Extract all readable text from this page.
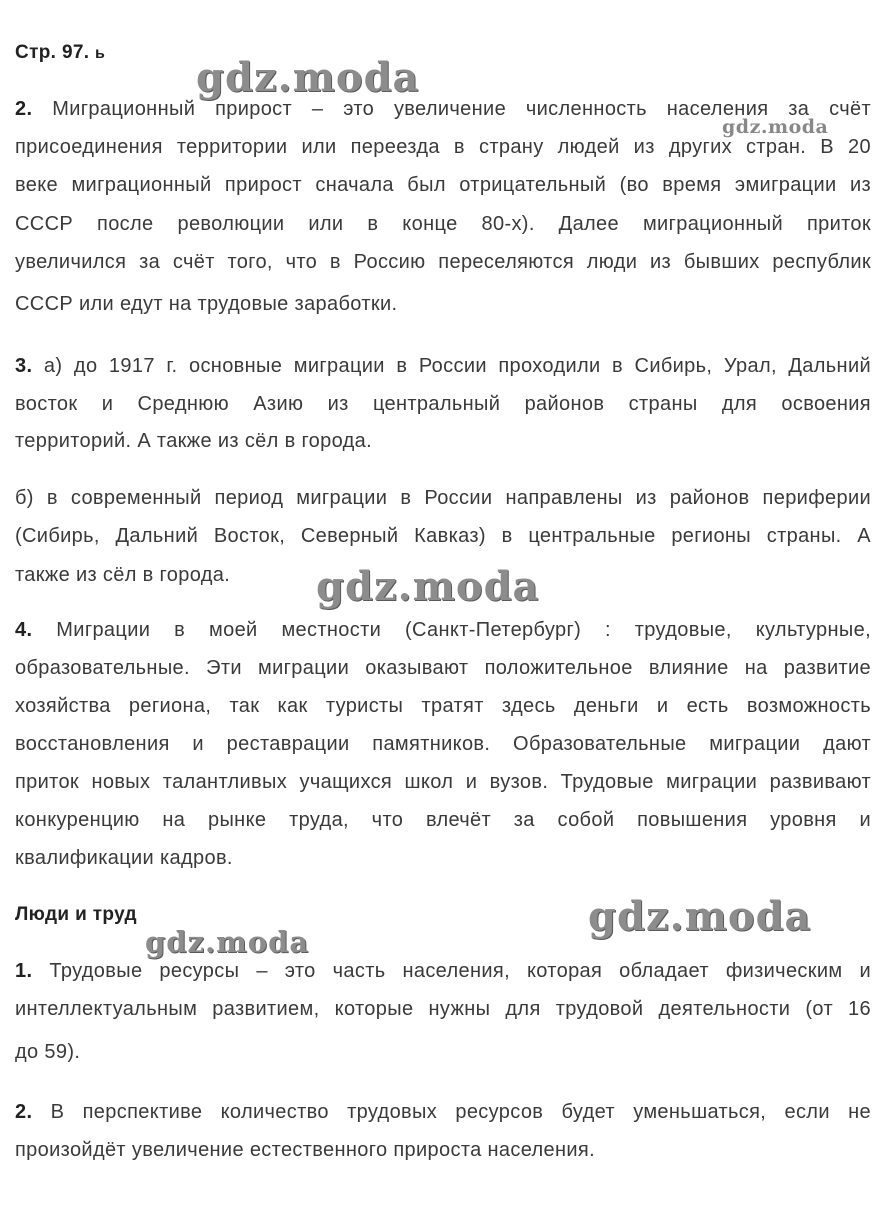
Стр. 97. ь
gdz.moda
gdz.moda
gdz.moda
gdz.moda
gdz.moda
2. Миграционный прирост – это увеличение численность населения за счёт
присоединения территории или переезда в страну людей из других стран. В 20
веке миграционный прирост сначала был отрицательный (во время эмиграции из
СССР после революции или в конце 80-х). Далее миграционный приток
увеличился за счёт того, что в Россию переселяются люди из бывших республик
СССР или едут на трудовые заработки.
3. а) до 1917 г. основные миграции в России проходили в Сибирь, Урал, Дальний
восток и Среднюю Азию из центральный районов страны для освоения
территорий. А также из сёл в города.
б) в современный период миграции в России направлены из районов периферии
(Сибирь, Дальний Восток, Северный Кавказ) в центральные регионы страны. А
также из сёл в города.
4. Миграции в моей местности (Санкт-Петербург) : трудовые, культурные,
образовательные. Эти миграции оказывают положительное влияние на развитие
хозяйства региона, так как туристы тратят здесь деньги и есть возможность
восстановления и реставрации памятников. Образовательные миграции дают
приток новых талантливых учащихся школ и вузов. Трудовые миграции развивают
конкуренцию на рынке труда, что влечёт за собой повышения уровня и
квалификации кадров.
Люди и труд
1. Трудовые ресурсы – это часть населения, которая обладает физическим и
интеллектуальным развитием, которые нужны для трудовой деятельности (от 16
до 59).
2. В перспективе количество трудовых ресурсов будет уменьшаться, если не
произойдёт увеличение естественного прироста населения.
